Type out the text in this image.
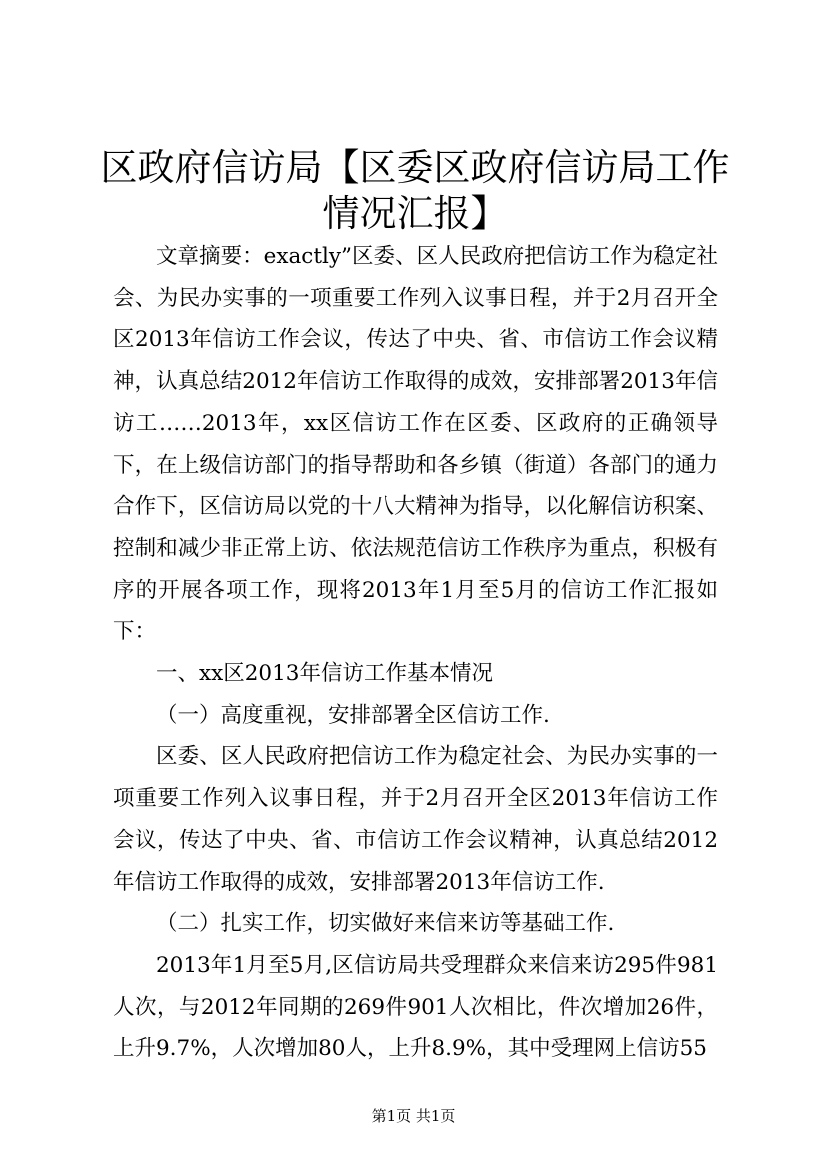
区政府信访局【区委区政府信访局工作情况汇报】

文章摘要：exactly”区委、区人民政府把信访工作为稳定社会、为民办实事的一项重要工作列入议事日程，并于2月召开全区2013年信访工作会议，传达了中央、省、市信访工作会议精神，认真总结2012年信访工作取得的成效，安排部署2013年信访工……2013年，xx区信访工作在区委、区政府的正确领导下，在上级信访部门的指导帮助和各乡镇（街道）各部门的通力合作下，区信访局以党的十八大精神为指导，以化解信访积案、控制和减少非正常上访、依法规范信访工作秩序为重点，积极有序的开展各项工作，现将2013年1月至5月的信访工作汇报如下：

一、xx区2013年信访工作基本情况

（一）高度重视，安排部署全区信访工作.

区委、区人民政府把信访工作为稳定社会、为民办实事的一项重要工作列入议事日程，并于2月召开全区2013年信访工作会议，传达了中央、省、市信访工作会议精神，认真总结2012年信访工作取得的成效，安排部署2013年信访工作.

（二）扎实工作，切实做好来信来访等基础工作.

2013年1月至5月,区信访局共受理群众来信来访295件981人次，与2012年同期的269件901人次相比，件次增加26件，上升9.7%，人次增加80人，上升8.9%，其中受理网上信访55

第1页 共1页
